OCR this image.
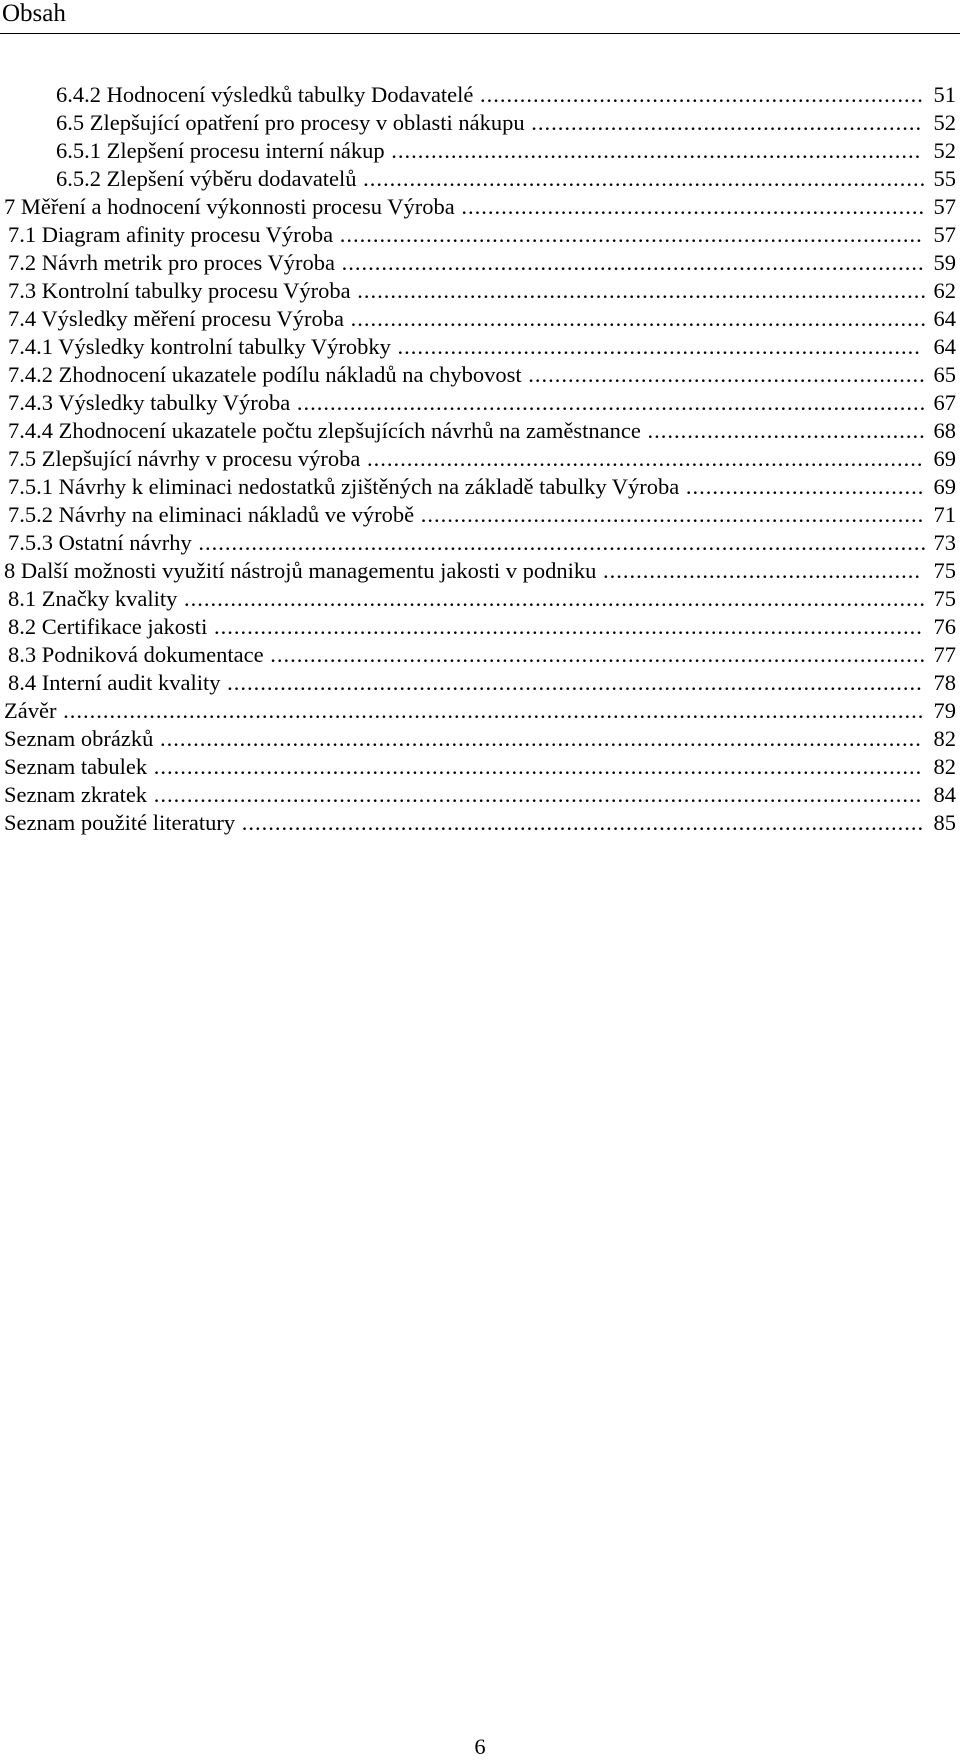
Obsah
6.4.2 Hodnocení výsledků tabulky Dodavatelé ................................................................... 51
6.5 Zlepšující opatření pro procesy v oblasti nákupu ........................................................... 52
6.5.1 Zlepšení procesu interní nákup ................................................................................ 52
6.5.2 Zlepšení výběru dodavatelů ..................................................................................... 55
7 Měření a hodnocení výkonnosti procesu Výroba ...................................................................... 57
7.1 Diagram afinity procesu Výroba ........................................................................................ 57
7.2 Návrh metrik pro proces Výroba ........................................................................................ 59
7.3 Kontrolní tabulky procesu Výroba ...................................................................................... 62
7.4 Výsledky měření procesu Výroba ....................................................................................... 64
7.4.1 Výsledky kontrolní tabulky Výrobky ............................................................................... 64
7.4.2 Zhodnocení ukazatele podílu nákladů na chybovost ............................................................ 65
7.4.3 Výsledky tabulky Výroba ............................................................................................... 67
7.4.4 Zhodnocení ukazatele počtu zlepšujících návrhů na zaměstnance .......................................... 68
7.5 Zlepšující návrhy v procesu výroba .................................................................................... 69
7.5.1 Návrhy k eliminaci nedostatků zjištěných na základě tabulky Výroba .................................... 69
7.5.2 Návrhy na eliminaci nákladů ve výrobě ............................................................................ 71
7.5.3 Ostatní návrhy .............................................................................................................. 73
8 Další možnosti využití nástrojů managementu jakosti v podniku ................................................ 75
8.1 Značky kvality ................................................................................................................ 75
8.2 Certifikace jakosti ........................................................................................................... 76
8.3 Podniková dokumentace ................................................................................................... 77
8.4 Interní audit kvality ......................................................................................................... 78
Závěr .................................................................................................................................. 79
Seznam obrázků ................................................................................................................... 82
Seznam tabulek .................................................................................................................... 82
Seznam zkratek .................................................................................................................... 84
Seznam použité literatury ....................................................................................................... 85
6
